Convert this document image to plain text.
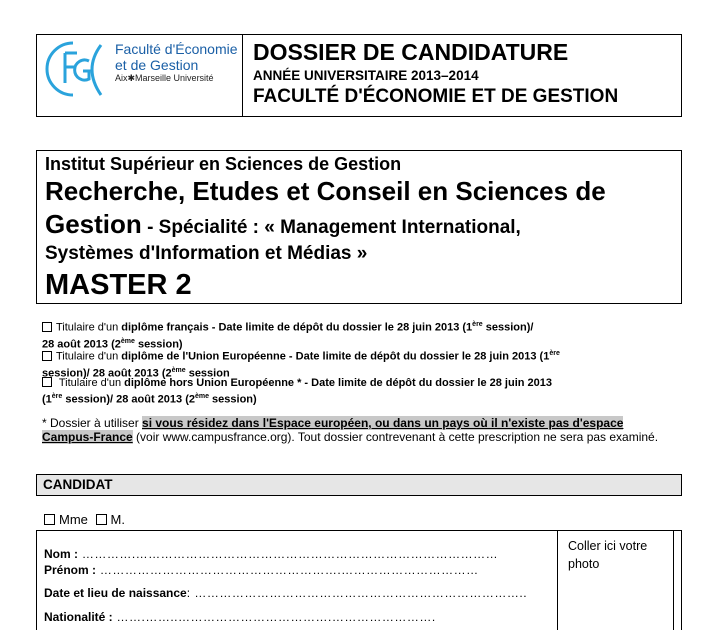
Faculté d'Économie
et de Gestion
Aix✱Marseille Université
DOSSIER DE CANDIDATURE
ANNÉE UNIVERSITAIRE 2013–2014
FACULTÉ D'ÉCONOMIE ET DE GESTION
Institut Supérieur en Sciences de Gestion
Recherche, Etudes et Conseil en Sciences de
Gestion - Spécialité : « Management International,
Systèmes d'Information et Médias »
MASTER 2
Titulaire d'un diplôme français - Date limite de dépôt du dossier le 28 juin 2013 (1ère session)/
28 août 2013 (2ème session)
Titulaire d'un diplôme de l'Union Européenne - Date limite de dépôt du dossier le 28 juin 2013 (1ère
session)/ 28 août 2013 (2ème session
Titulaire d'un diplôme hors Union Européenne * - Date limite de dépôt du dossier le 28 juin 2013
(1ère session)/ 28 août 2013 (2ème session)
* Dossier à utiliser si vous résidez dans l'Espace européen, ou dans un pays où il n'existe pas d'espace Campus-France (voir www.campusfrance.org). Tout dossier contrevenant à cette prescription ne sera pas examiné.
CANDIDAT
Mme M.
Nom : ………….……………………………………………………………………………
Prénom : ………………………………………………….……………………………
Date et lieu de naissance: ……………………………………………………………………..
Nationalité : …….……..……………………………….…………………….
Coller ici votre photo
